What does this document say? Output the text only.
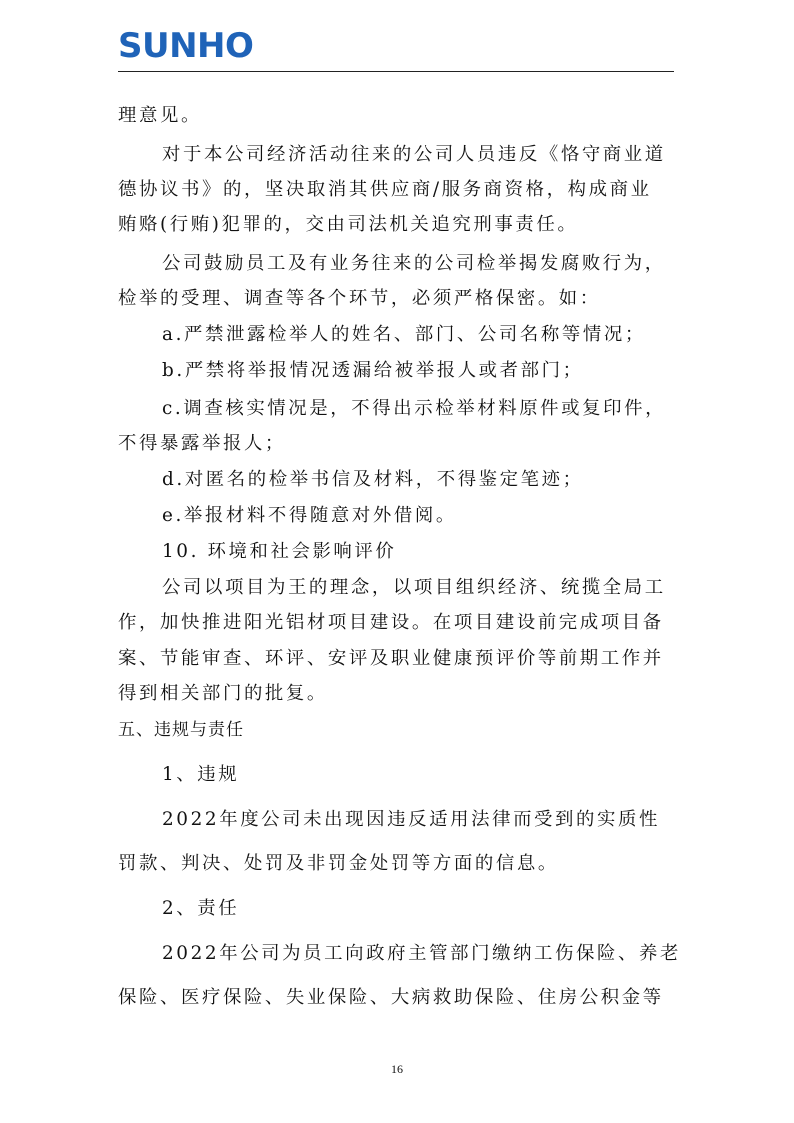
SUNHO
理意见。
对于本公司经济活动往来的公司人员违反《恪守商业道
德协议书》的，坚决取消其供应商/服务商资格，构成商业
贿赂(行贿)犯罪的，交由司法机关追究刑事责任。
公司鼓励员工及有业务往来的公司检举揭发腐败行为，
检举的受理、调查等各个环节，必须严格保密。如：
a.严禁泄露检举人的姓名、部门、公司名称等情况；
b.严禁将举报情况透漏给被举报人或者部门；
c.调查核实情况是，不得出示检举材料原件或复印件，
不得暴露举报人；
d.对匿名的检举书信及材料，不得鉴定笔迹；
e.举报材料不得随意对外借阅。
10. 环境和社会影响评价
公司以项目为王的理念，以项目组织经济、统揽全局工
作，加快推进阳光铝材项目建设。在项目建设前完成项目备
案、节能审查、环评、安评及职业健康预评价等前期工作并
得到相关部门的批复。
五、违规与责任
1、违规
2022年度公司未出现因违反适用法律而受到的实质性
罚款、判决、处罚及非罚金处罚等方面的信息。
2、责任
2022年公司为员工向政府主管部门缴纳工伤保险、养老
保险、医疗保险、失业保险、大病救助保险、住房公积金等
16
